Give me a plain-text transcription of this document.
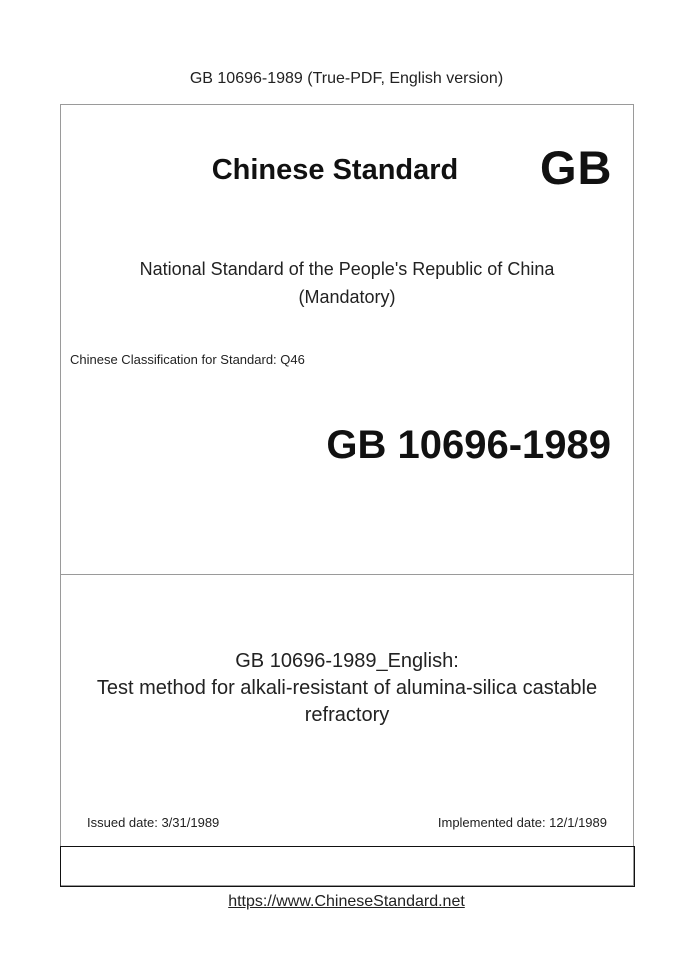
GB 10696-1989 (True-PDF, English version)
Chinese Standard	GB
National Standard of the People's Republic of China
(Mandatory)
Chinese Classification for Standard: Q46
GB 10696-1989
GB 10696-1989_English:
Test method for alkali-resistant of alumina-silica castable
refractory
Issued date: 3/31/1989	Implemented date: 12/1/1989
https://www.ChineseStandard.net
